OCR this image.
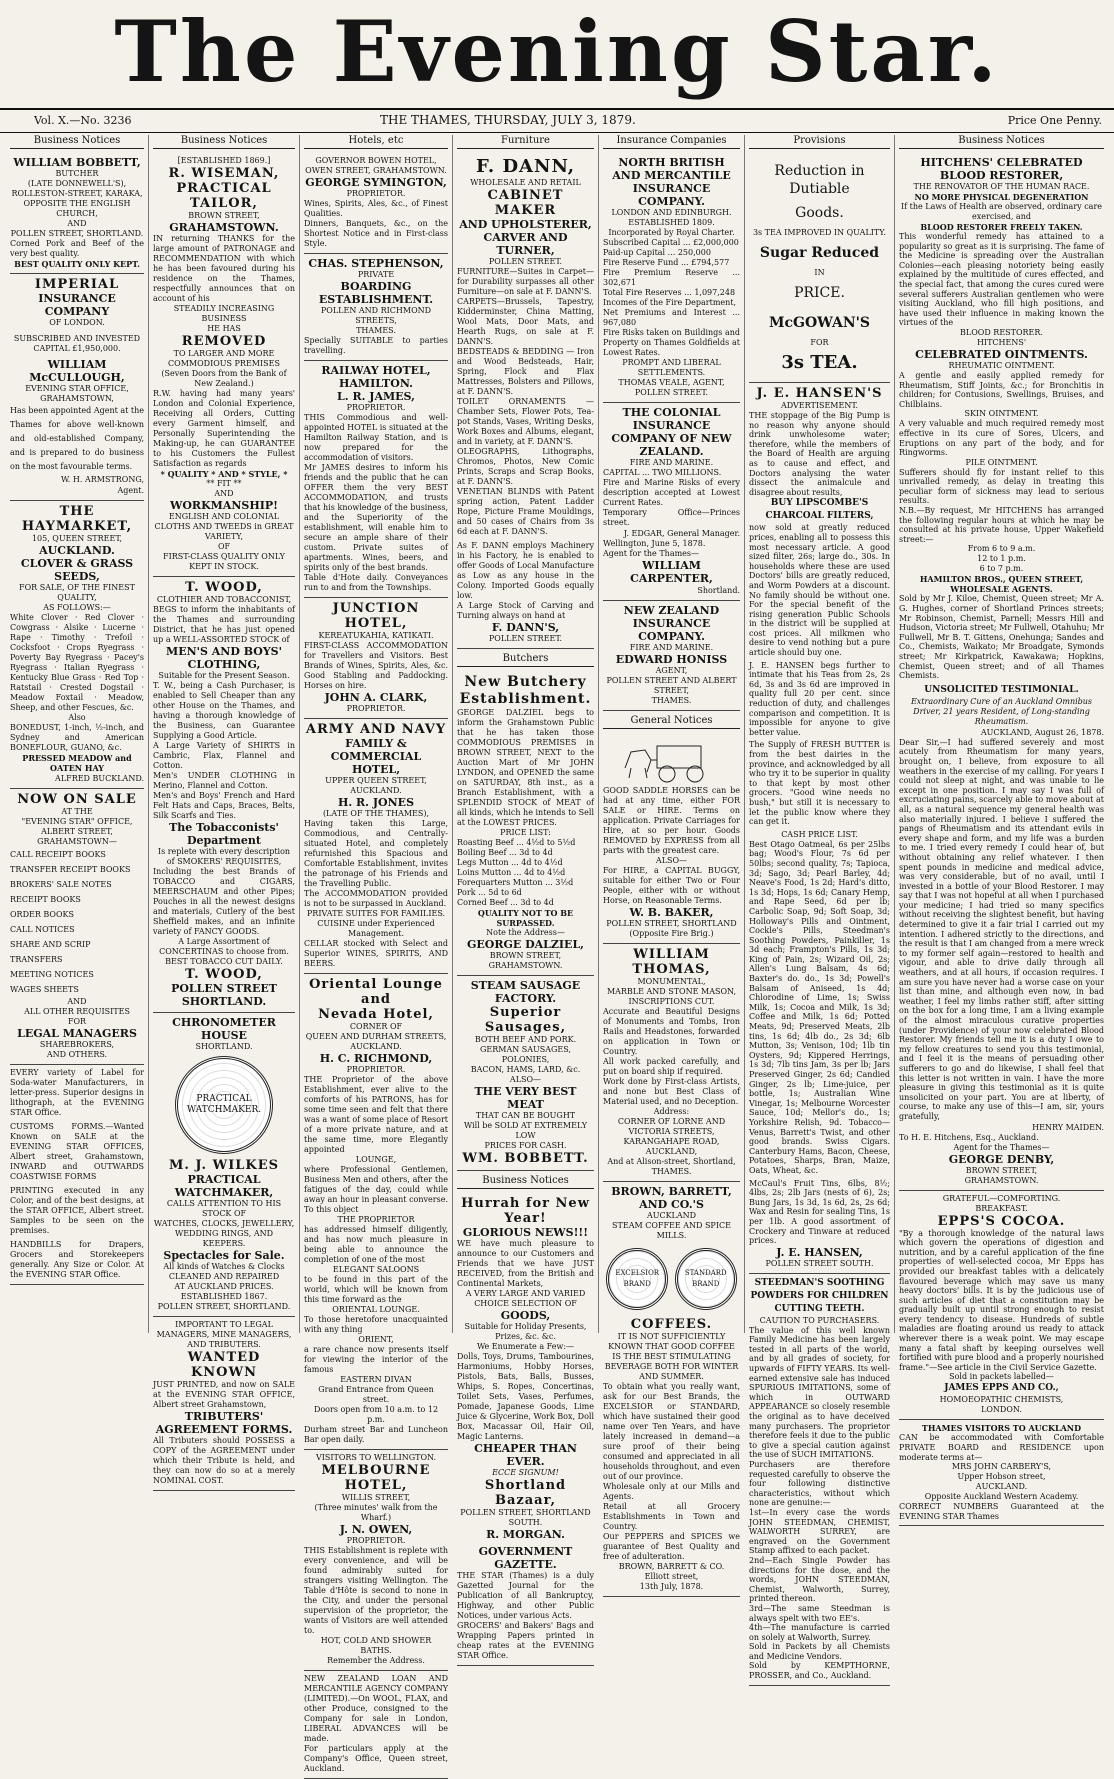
The Evening Star.
Vol. X.—No. 3236	THE THAMES, THURSDAY, JULY 3, 1879.	Price One Penny.
Business Notices
WILLIAM BOBBETT,
BUTCHER
(LATE DONNEWELL'S),
ROLLESTON-STREET, KARAKA,
OPPOSITE THE ENGLISH CHURCH,
AND
POLLEN STREET, SHORTLAND.
Corned Pork and Beef of the very best quality.
BEST QUALITY ONLY KEPT.
IMPERIAL
INSURANCE COMPANY
OF LONDON.
SUBSCRIBED AND INVESTED
CAPITAL £1,950,000.
WILLIAM McCULLOUGH,
EVENING STAR OFFICE,
GRAHAMSTOWN,
Has been appointed Agent at the Thames for above well-known and old-established Company, and is prepared to do business on the most favourable terms.
W. H. ARMSTRONG,
Agent.
THE HAYMARKET,
105, QUEEN STREET,
AUCKLAND.
CLOVER & GRASS SEEDS,
FOR SALE, OF THE FINEST QUALITY,
AS FOLLOWS:—
White Clover · Red Clover · Cowgrass · Alsike · Lucerne · Rape · Timothy · Trefoil · Cocksfoot · Crops Ryegrass · Poverty Bay Ryegrass · Pacey's Ryegrass · Italian Ryegrass · Kentucky Blue Grass · Red Top · Ratstail · Crested Dogstail · Meadow Foxtail · Meadow, Sheep, and other Fescues, &c.
Also
BONEDUST, 1-inch, ½-inch, and Sydney and American BONEFLOUR, GUANO, &c.
PRESSED MEADOW and OATEN HAY
ALFRED BUCKLAND.
NOW ON SALE
AT THE
"EVENING STAR" OFFICE,
ALBERT STREET,
GRAHAMSTOWN—
CALL RECEIPT BOOKS
TRANSFER RECEIPT BOOKS
BROKERS' SALE NOTES
RECEIPT BOOKS
ORDER BOOKS
CALL NOTICES
SHARE AND SCRIP TRANSFERS
MEETING NOTICES
WAGES SHEETS
AND
ALL OTHER REQUISITES
FOR
LEGAL MANAGERS
SHAREBROKERS,
AND OTHERS.
EVERY variety of Label for Soda-water Manufacturers, in letter-press. Superior designs in lithograph, at the EVENING STAR Office.
CUSTOMS FORMS.—Wanted Known on SALE at the EVENING STAR OFFICES, Albert street, Grahamstown, INWARD and OUTWARDS COASTWISE FORMS
PRINTING executed in any Color, and of the best designs, at the STAR OFFICE, Albert street. Samples to be seen on the premises.
HANDBILLS for Drapers, Grocers and Storekeepers generally. Any Size or Color. At the EVENING STAR Office.
Business Notices
[ESTABLISHED 1869.]
R. WISEMAN,
PRACTICAL TAILOR,
BROWN STREET,
GRAHAMSTOWN.
IN returning THANKS for the large amount of PATRONAGE and RECOMMENDATION with which he has been favoured during his residence on the Thames, respectfully announces that on account of his
STEADILY INCREASING BUSINESS
HE HAS
REMOVED
TO LARGER AND MORE COMMODIOUS PREMISES
(Seven Doors from the Bank of New Zealand.)
R.W. having had many years' London and Colonial Experience, Receiving all Orders, Cutting every Garment himself, and Personally Superintending the Making-up, he can GUARANTEE to his Customers the Fullest Satisfaction as regards
* QUALITY * AND * STYLE, *
** FIT **
AND
WORKMANSHIP!
ENGLISH AND COLONIAL CLOTHS AND TWEEDS in GREAT VARIETY,
OF
FIRST-CLASS QUALITY ONLY KEPT IN STOCK.
T. WOOD,
CLOTHIER AND TOBACCONIST,
BEGS to inform the inhabitants of the Thames and surrounding District, that he has just opened up a WELL-ASSORTED STOCK of
MEN'S AND BOYS' CLOTHING,
Suitable for the Present Season.
T. W., being a Cash Purchaser, is enabled to Sell Cheaper than any other House on the Thames, and having a thorough knowledge of the Business, can Guarantee Supplying a Good Article.
A Large Variety of SHIRTS in Cambric, Flax, Flannel and Cotton.
Men's UNDER CLOTHING in Merino, Flannel and Cotton.
Men's and Boys' French and Hard Felt Hats and Caps, Braces, Belts, Silk Scarfs and Ties.
The Tobacconists' Department
Is replete with every description of SMOKERS' REQUISITES,
Including the best Brands of TOBACCO and CIGARS, MEERSCHAUM and other Pipes; Pouches in all the newest designs and materials, Cutlery of the best Sheffield makes, and an infinite variety of FANCY GOODS.
A Large Assortment of CONCERTINAS to choose from.
BEST TOBACCO CUT DAILY.
T. WOOD,
POLLEN STREET
SHORTLAND.
CHRONOMETER HOUSE
SHORTLAND.
PRACTICAL
WATCHMAKER.
M. J. WILKES
PRACTICAL WATCHMAKER,
CALLS ATTENTION TO HIS STOCK OF
WATCHES, CLOCKS, JEWELLERY, WEDDING RINGS, AND KEEPERS.
Spectacles for Sale.
All kinds of Watches & Clocks
CLEANED AND REPAIRED
AT AUCKLAND PRICES.
ESTABLISHED 1867.
POLLEN STREET, SHORTLAND.
IMPORTANT TO LEGAL MANAGERS, MINE MANAGERS, AND TRIBUTERS.
WANTED KNOWN
JUST PRINTED, and now on SALE at the EVENING STAR OFFICE, Albert street Grahamstown,
TRIBUTERS' AGREEMENT FORMS.
All Tributers should POSSESS a COPY of the AGREEMENT under which their Tribute is held, and they can now do so at a merely NOMINAL COST.
Hotels, etc
GOVERNOR BOWEN HOTEL,
OWEN STREET, GRAHAMSTOWN.
GEORGE SYMINGTON,
PROPRIETOR.
Wines, Spirits, Ales, &c., of Finest Qualities.
Dinners, Banquets, &c., on the Shortest Notice and in First-class Style.
CHAS. STEPHENSON,
PRIVATE
BOARDING ESTABLISHMENT.
POLLEN AND RICHMOND STREETS,
THAMES.
Specially SUITABLE to parties travelling.
RAILWAY HOTEL, HAMILTON.
L. R. JAMES,
PROPRIETOR.
THIS Commodious and well-appointed HOTEL is situated at the Hamilton Railway Station, and is now prepared for the accommodation of visitors.
Mr JAMES desires to inform his friends and the public that he can OFFER them the very BEST ACCOMMODATION, and trusts that his knowledge of the business, and the Superiority of the establishment, will enable him to secure an ample share of their custom. Private suites of apartments. Wines, beers, and spirits only of the best brands.
Table d'Hote daily. Conveyances run to and from the Townships.
JUNCTION HOTEL,
KEREATUKAHIA, KATIKATI.
FIRST-CLASS ACCOMMODATION for Travellers and Visitors. Best Brands of Wines, Spirits, Ales, &c. Good Stabling and Paddocking. Horses on hire.
JOHN A. CLARK,
PROPRIETOR.
ARMY AND NAVY
FAMILY & COMMERCIAL
HOTEL,
UPPER QUEEN STREET, AUCKLAND.
H. R. JONES
(LATE OF THE THAMES),
Having taken this Large, Commodious, and Centrally-situated Hotel, and completely refurnished this Spacious and Comfortable Establishment, invites the patronage of his Friends and the Travelling Public.
The ACCOMMODATION provided is not to be surpassed in Auckland.
PRIVATE SUITES FOR FAMILIES.
CUISINE under Experienced Management.
CELLAR stocked with Select and Superior WINES, SPIRITS, AND BEERS.
Oriental Lounge and
Nevada Hotel,
CORNER OF
QUEEN AND DURHAM STREETS,
AUCKLAND.
H. C. RICHMOND,
PROPRIETOR.
THE Proprietor of the above Establishment, ever alive to the comforts of his PATRONS, has for some time seen and felt that there was a want of some place of Resort of a more private nature, and at the same time, more Elegantly appointed
LOUNGE,
where Professional Gentlemen, Business Men and others, after the fatigues of the day, could while away an hour in pleasant converse. To this object
THE PROPRIETOR
has addressed himself diligently, and has now much pleasure in being able to announce the completion of one of the most
ELEGANT SALOONS
to be found in this part of the world, which will be known from this time forward as the
ORIENTAL LOUNGE.
To those heretofore unacquainted with any thing
ORIENT,
a rare chance now presents itself for viewing the interior of the famous
EASTERN DIVAN
Grand Entrance from Queen street.
Doors open from 10 a.m. to 12 p.m.
Durham street Bar and Luncheon Bar open daily.
VISITORS TO WELLINGTON.
MELBOURNE HOTEL,
WILLIS STREET,
(Three minutes' walk from the Wharf.)
J. N. OWEN,
PROPRIETOR.
THIS Establishment is replete with every convenience, and will be found admirably suited for strangers visiting Wellington. The Table d'Hôte is second to none in the City, and under the personal supervision of the proprietor, the wants of Visitors are well attended to.
HOT, COLD AND SHOWER BATHS.
Remember the Address.
NEW ZEALAND LOAN AND MERCANTILE AGENCY COMPANY (LIMITED).—On WOOL, FLAX, and other Produce, consigned to the Company for sale in London, LIBERAL ADVANCES will be made.
For particulars apply at the Company's Office, Queen street, Auckland.
Furniture
F. DANN,
WHOLESALE AND RETAIL
CABINET MAKER
AND UPHOLSTERER,
CARVER AND TURNER,
POLLEN STREET.
FURNITURE—Suites in Carpet—for Durability surpasses all other Furniture—on sale at F. DANN'S.
CARPETS—Brussels, Tapestry, Kidderminster, China Matting, Wool Mats, Door Mats, and Hearth Rugs, on sale at F. DANN'S.
BEDSTEADS & BEDDING — Iron and Wood Bedsteads, Hair, Spring, Flock and Flax Mattresses, Bolsters and Pillows, at F. DANN'S.
TOILET ORNAMENTS — Chamber Sets, Flower Pots, Tea-pot Stands, Vases, Writing Desks, Work Boxes and Albums, elegant, and in variety, at F. DANN'S.
OLEOGRAPHS, Lithographs, Chromos, Photos, New Comic Prints, Scraps and Scrap Books, at F. DANN'S.
VENETIAN BLINDS with Patent spring action, Patent Ladder Rope, Picture Frame Mouldings, and 50 cases of Chairs from 3s 6d each at F. DANN'S.
As F. DANN employs Machinery in his Factory, he is enabled to offer Goods of Local Manufacture as Low as any house in the Colony. Imported Goods equally low.
A Large Stock of Carving and Turning always on hand at
F. DANN'S,
POLLEN STREET.
Butchers
New Butchery Establishment.
GEORGE DALZIEL begs to inform the Grahamstown Public that he has taken those COMMODIOUS PREMISES in BROWN STREET, NEXT to the Auction Mart of Mr JOHN LYNDON, and OPENED the same on SATURDAY, 8th inst., as a Branch Establishment, with a SPLENDID STOCK of MEAT of all kinds, which he intends to Sell at the LOWEST PRICES.
PRICE LIST:
Roasting Beef ... 4½d to 5½d
Boiling Beef ... 3d to 4d
Legs Mutton ... 4d to 4½d
Loins Mutton ... 4d to 4½d
Forequarters Mutton ... 3½d
Pork ... 5d to 6d
Corned Beef ... 3d to 4d
QUALITY NOT TO BE SURPASSED.
Note the Address—
GEORGE DALZIEL,
BROWN STREET,
GRAHAMSTOWN.
STEAM SAUSAGE FACTORY.
Superior Sausages,
BOTH BEEF AND PORK.
GERMAN SAUSAGES, POLONIES,
BACON, HAMS, LARD, &c.
ALSO—
THE VERY BEST MEAT
THAT CAN BE BOUGHT
Will be SOLD AT EXTREMELY LOW
PRICES FOR CASH.
WM. BOBBETT.
Business Notices
Hurrah for New Year!
GLORIOUS NEWS!!!
WE have much pleasure to announce to our Customers and Friends that we have JUST RECEIVED, from the British and Continental Markets,
A VERY LARGE AND VARIED CHOICE SELECTION OF
GOODS,
Suitable for Holiday Presents, Prizes, &c. &c.
We Enumerate a Few:—
Dolls, Toys, Drums, Tambourines, Harmoniums, Hobby Horses, Pistols, Bats, Balls, Busses, Whips, S. Ropes, Concertinas, Toilet Sets, Vases, Perfumes, Pomade, Japanese Goods, Lime Juice & Glycerine, Work Box, Doll Box, Macassar Oil, Hair Oil, Magic Lanterns.
CHEAPER THAN EVER.
ECCE SIGNUM!
Shortland Bazaar,
POLLEN STREET, SHORTLAND SOUTH.
R. MORGAN.
GOVERNMENT GAZETTE.
THE STAR (Thames) is a duly Gazetted Journal for the Publication of all Bankruptcy, Highway, and other Public Notices, under various Acts.
GROCERS' and Bakers' Bags and Wrapping Papers printed in cheap rates at the EVENING STAR Office.
Insurance Companies
NORTH BRITISH AND MERCANTILE INSURANCE COMPANY.
LONDON AND EDINBURGH.
ESTABLISHED 1809.
Incorporated by Royal Charter.
Subscribed Capital ... £2,000,000
Paid-up Capital ... 250,000
Fire Reserve Fund ... £794,577
Fire Premium Reserve ... 302,671
Total Fire Reserves ... 1,097,248
Incomes of the Fire Department,
Net Premiums and Interest ... 967,080
Fire Risks taken on Buildings and Property on Thames Goldfields at Lowest Rates.
PROMPT AND LIBERAL SETTLEMENTS.
THOMAS VEALE, AGENT,
POLLEN STREET.
THE COLONIAL INSURANCE COMPANY OF NEW ZEALAND.
FIRE AND MARINE.
CAPITAL ... TWO MILLIONS.
Fire and Marine Risks of every description accepted at Lowest Current Rates.
Temporary Office—Princes street.
J. EDGAR, General Manager.
Wellington, June 5, 1878.
Agent for the Thames—
WILLIAM CARPENTER,
Shortland.
NEW ZEALAND INSURANCE COMPANY.
FIRE AND MARINE.
EDWARD HONISS
AGENT,
POLLEN STREET AND ALBERT STREET,
THAMES.
General Notices
GOOD SADDLE HORSES can be had at any time, either FOR SALE or HIRE. Terms on application. Private Carriages for Hire, at so per hour. Goods REMOVED by EXPRESS from all parts with the greatest care.
ALSO—
For HIRE, a CAPITAL BUGGY, suitable for either Two or Four People, either with or without Horse, on Reasonable Terms.
W. B. BAKER,
POLLEN STREET, SHORTLAND
(Opposite Fire Brig.)
WILLIAM THOMAS,
MONUMENTAL,
MARBLE AND STONE MASON,
INSCRIPTIONS CUT.
Accurate and Beautiful Designs of Monuments and Tombs, Iron Rails and Headstones, forwarded on application in Town or Country.
All work packed carefully, and put on board ship if required.
Work done by First-class Artists, and none but Best Class of Material used, and no Deception.
Address:
CORNER OF LORNE AND VICTORIA STREETS, KARANGAHAPE ROAD, AUCKLAND,
And at Alison-street, Shortland, THAMES.
BROWN, BARRETT, AND CO.'S
AUCKLAND
STEAM COFFEE AND SPICE MILLS.
EXCELSIOR BRAND
STANDARD BRAND
COFFEES.
IT IS NOT SUFFICIENTLY KNOWN THAT GOOD COFFEE IS THE BEST STIMULATING BEVERAGE BOTH FOR WINTER AND SUMMER.
To obtain what you really want, ask for our Best Brands, the EXCELSIOR or STANDARD, which have sustained their good name over Ten Years, and have lately increased in demand—a sure proof of their being consumed and appreciated in all households throughout, and even out of our province.
Wholesale only at our Mills and Agents.
Retail at all Grocery Establishments in Town and Country.
Our PEPPERS and SPICES we guarantee of Best Quality and free of adulteration.
BROWN, BARRETT & CO.
Elliott street,
13th July, 1878.
Provisions
Reduction in Dutiable
Goods.
3s TEA IMPROVED IN QUALITY.
Sugar Reduced
IN
PRICE.
McGOWAN'S
FOR
3s TEA.
J. E. HANSEN'S
ADVERTISEMENT.
THE stoppage of the Big Pump is no reason why anyone should drink unwholesome water; therefore, while the members of the Board of Health are arguing as to cause and effect, and Doctors analysing the water dissect the animalcule and disagree about results,
BUY LIPSCOMBE'S CHARCOAL FILTERS,
now sold at greatly reduced prices, enabling all to possess this most necessary article. A good sized filter, 26s; large do., 30s. In households where these are used Doctors' bills are greatly reduced, and Worm Powders at a discount. No family should be without one. For the special benefit of the rising generation Public Schools in the district will be supplied at cost prices. All milkmen who desire to vend nothing but a pure article should buy one.
J. E. HANSEN begs further to intimate that his Teas from 2s, 2s 6d, 3s and 3s 6d are improved in quality full 20 per cent. since reduction of duty, and challenges comparison and competition. It is impossible for anyone to give better value.
The Supply of FRESH BUTTER is from the best dairies in the province, and acknowledged by all who try it to be superior in quality to that kept by most other grocers. "Good wine needs no bush," but still it is necessary to let the public know where they can get it.
CASH PRICE LIST.
Best Otago Oatmeal, 6s per 25lbs bag; Wood's Flour, 7s 6d per 50lbs; second quality, 7s; Tapioca, 3d; Sago, 3d; Pearl Barley, 4d; Neave's Food, 1s 2d; Hard's ditto, 1s 3d; Hops, 1s 6d; Canary Hemp, and Rape Seed, 6d per lb; Carbolic Soap, 9d; Soft Soap, 3d; Holloway's Pills and Ointment, Cockle's Pills, Steedman's Soothing Powders, Painkiller, 1s 3d each; Frampton's Pills, 1s 3d; King of Pain, 2s; Wizard Oil, 2s; Allen's Lung Balsam, 4s 6d; Baxter's do. do., 1s 3d; Powell's Balsam of Aniseed, 1s 4d; Chlorodine of Lime, 1s; Swiss Milk, 1s; Cocoa and Milk, 1s 3d; Coffee and Milk, 1s 6d; Potted Meats, 9d; Preserved Meats, 2lb tins, 1s 6d; 4lb do., 2s 3d; 6lb Mutton, 3s; Venison, 10d; 1lb tin Oysters, 9d; Kippered Herrings, 1s 3d; 7lb tins Jam, 3s per lb; Jars Preserved Ginger, 2s 6d; Candied Ginger, 2s lb; Lime-juice, per bottle, 1s; Australian Wine Vinegar, 1s; Melbourne Worcester Sauce, 10d; Mellor's do., 1s; Yorkshire Relish, 9d. Tobacco—Venus, Barrett's Twist, and other good brands. Swiss Cigars. Canterbury Hams, Bacon, Cheese, Potatoes, Sharps, Bran, Maize, Oats, Wheat, &c.
McCaul's Fruit Tins, 6lbs, 8½; 4lbs, 2s; 2lb Jars (nests of 6), 2s; Bung Jars, 1s 3d, 1s 6d, 2s, 2s 6d; Wax and Resin for sealing Tins, 1s per 1lb. A good assortment of Crockery and Tinware at reduced prices.
J. E. HANSEN,
POLLEN STREET SOUTH.
STEEDMAN'S SOOTHING POWDERS FOR CHILDREN CUTTING TEETH.
CAUTION TO PURCHASERS.
The value of this well known Family Medicine has been largely tested in all parts of the world, and by all grades of society, for upwards of FIFTY YEARS. Its well-earned extensive sale has induced SPURIOUS IMITATIONS, some of which in OUTWARD APPEARANCE so closely resemble the original as to have deceived many purchasers. The proprietor therefore feels it due to the public to give a special caution against the use of SUCH IMITATIONS.
Purchasers are therefore requested carefully to observe the four following distinctive characteristics, without which none are genuine:—
1st—In every case the words JOHN STEEDMAN, CHEMIST, WALWORTH SURREY, are engraved on the Government Stamp affixed to each packet.
2nd—Each Single Powder has directions for the dose, and the words, JOHN STEEDMAN, Chemist, Walworth, Surrey, printed thereon.
3rd—The same Steedman is always spelt with two EE's.
4th—The manufacture is carried on solely at Walworth, Surrey.
Sold in Packets by all Chemists and Medicine Vendors.
Sold by KEMPTHORNE, PROSSER, and Co., Auckland.
Business Notices
HITCHENS' CELEBRATED BLOOD RESTORER,
THE RENOVATOR OF THE HUMAN RACE.
NO MORE PHYSICAL DEGENERATION
If the Laws of Health are observed, ordinary care exercised, and
BLOOD RESTORER FREELY TAKEN.
This wonderful remedy has attained to a popularity so great as it is surprising. The fame of the Medicine is spreading over the Australian Colonies—each pleasing notoriety being easily explained by the multitude of cures effected, and the special fact, that among the cures cured were several sufferers Australian gentlemen who were visiting Auckland, who fill high positions, and have used their influence in making known the virtues of the
BLOOD RESTORER.
HITCHENS'
CELEBRATED OINTMENTS.
RHEUMATIC OINTMENT.
A gentle and easily applied remedy for Rheumatism, Stiff Joints, &c.; for Bronchitis in children; for Contusions, Swellings, Bruises, and Chilblains.
SKIN OINTMENT.
A very valuable and much required remedy most effective in its cure of Sores, Ulcers, and Eruptions on any part of the body, and for Ringworms.
PILE OINTMENT.
Sufferers should fly for instant relief to this unrivalled remedy, as delay in treating this peculiar form of sickness may lead to serious results.
N.B.—By request, Mr HITCHENS has arranged the following regular hours at which he may be consulted at his private house, Upper Wakefield street:—
From 6 to 9 a.m.
12 to 1 p.m.
6 to 7 p.m.
HAMILTON BROS., QUEEN STREET, WHOLESALE AGENTS.
Sold by Mr J. Kiloe, Chemist, Queen street; Mr A. G. Hughes, corner of Shortland Princes streets; Mr Robinson, Chemist, Parnell; Messrs Hill and Hudson, Victoria street; Mr Fullwell, Otahuhu; Mr Fullwell, Mr B. T. Gittens, Onehunga; Sandes and Co., Chemists, Waikato; Mr Broadgate, Symonds street; Mr Kirkpatrick, Kawakawa; Hopkins, Chemist, Queen street; and of all Thames Chemists.
UNSOLICITED TESTIMONIAL.
Extraordinary Cure of an Auckland Omnibus Driver, 21 years Resident, of Long-standing Rheumatism.
AUCKLAND, August 26, 1878.
Dear Sir,—I had suffered severely and most acutely from Rheumatism for many years, brought on, I believe, from exposure to all weathers in the exercise of my calling. For years I could not sleep at night, and was unable to lie except in one position. I may say I was full of excruciating pains, scarcely able to move about at all, as a natural sequence my general health was also materially injured. I believe I suffered the pangs of Rheumatism and its attendant evils in every shape and form, and my life was a burden to me. I tried every remedy I could hear of, but without obtaining any relief whatever. I then spent pounds in medicine and medical advice, was very considerable, but of no avail, until I invested in a bottle of your Blood Restorer. I may say that I was not hopeful at all when I purchased your medicine; I had tried so many specifics without receiving the slightest benefit, but having determined to give it a fair trial I carried out my intention. I adhered strictly to the directions, and the result is that I am changed from a mere wreck to my former self again—restored to health and vigour, and able to drive daily through all weathers, and at all hours, if occasion requires. I am sure you have never had a worse case on your list than mine, and although even now, in bad weather, I feel my limbs rather stiff, after sitting on the box for a long time, I am a living example of the almost miraculous curative properties (under Providence) of your now celebrated Blood Restorer. My friends tell me it is a duty I owe to my fellow creatures to send you this testimonial, and I feel it is the means of persuading other sufferers to go and do likewise, I shall feel that this letter is not written in vain. I have the more pleasure in giving this testimonial as it is quite unsolicited on your part. You are at liberty, of course, to make any use of this—I am, sir, yours gratefully,
HENRY MAIDEN.
To H. E. Hitchens, Esq., Auckland.
Agent for the Thames—
GEORGE DENBY,
BROWN STREET,
GRAHAMSTOWN.
GRATEFUL—COMFORTING.
BREAKFAST.
EPPS'S COCOA.
"By a thorough knowledge of the natural laws which govern the operations of digestion and nutrition, and by a careful application of the fine properties of well-selected cocoa, Mr Epps has provided our breakfast tables with a delicately flavoured beverage which may save us many heavy doctors' bills. It is by the judicious use of such articles of diet that a constitution may be gradually built up until strong enough to resist every tendency to disease. Hundreds of subtle maladies are floating around us ready to attack wherever there is a weak point. We may escape many a fatal shaft by keeping ourselves well fortified with pure blood and a properly nourished frame."—See article in the Civil Service Gazette.
Sold in packets labelled—
JAMES EPPS AND CO.,
HOMOEOPATHIC CHEMISTS,
LONDON.
THAMES VISITORS TO AUCKLAND
CAN be accommodated with Comfortable PRIVATE BOARD and RESIDENCE upon moderate terms at—
MRS JOHN CARBERY'S,
Upper Hobson street,
AUCKLAND.
Opposite Auckland Western Academy.
CORRECT NUMBERS Guaranteed at the EVENING STAR Thames
